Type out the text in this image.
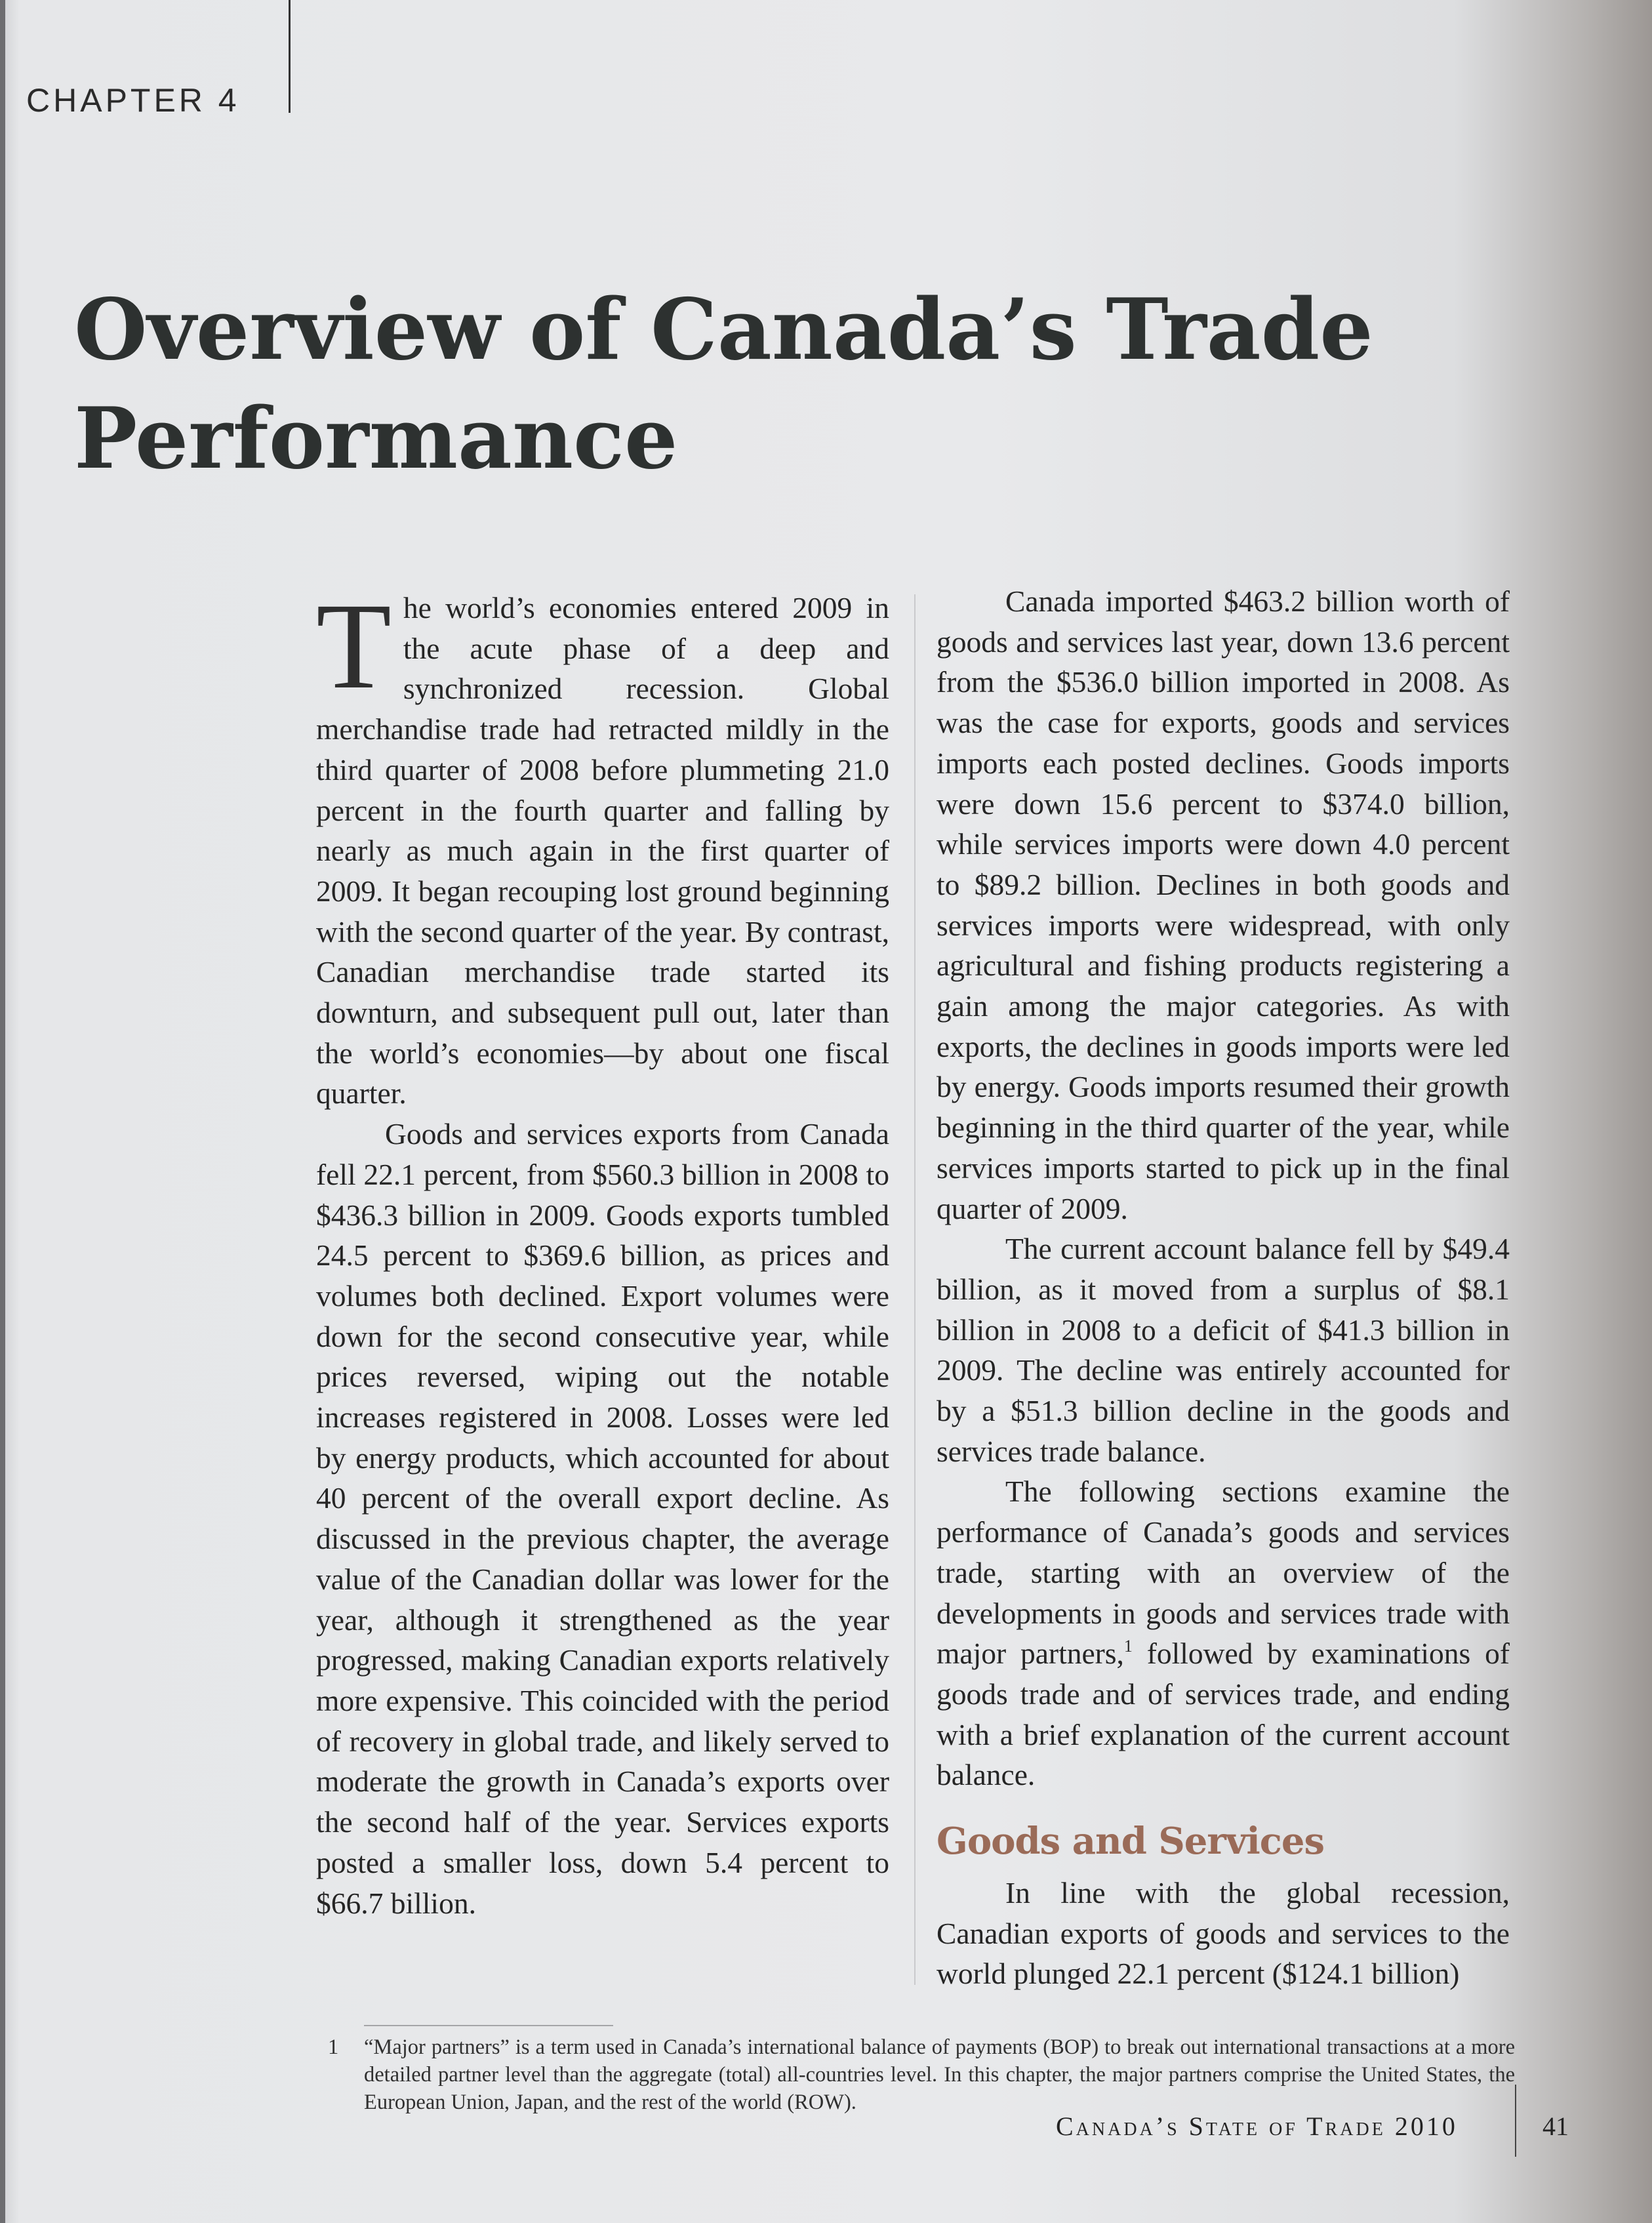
CHAPTER 4
Overview of Canada’s Trade Performance

The world’s economies entered 2009 in the acute phase of a deep and synchronized recession. Global merchandise trade had retracted mildly in the third quarter of 2008 before plummeting 21.0 percent in the fourth quarter and falling by nearly as much again in the first quarter of 2009. It began recouping lost ground beginning with the second quarter of the year. By contrast, Canadian merchandise trade started its downturn, and subsequent pull out, later than the world’s economies—by about one fiscal quarter.

Goods and services exports from Canada fell 22.1 percent, from $560.3 billion in 2008 to $436.3 billion in 2009. Goods exports tumbled 24.5 percent to $369.6 billion, as prices and volumes both declined. Export volumes were down for the second consecutive year, while prices reversed, wiping out the notable increases registered in 2008. Losses were led by energy products, which accounted for about 40 percent of the overall export decline. As discussed in the previous chapter, the average value of the Canadian dollar was lower for the year, although it strengthened as the year progressed, making Canadian exports relatively more expensive. This coincided with the period of recovery in global trade, and likely served to moderate the growth in Canada’s exports over the second half of the year. Services exports posted a smaller loss, down 5.4 percent to $66.7 billion.

Canada imported $463.2 billion worth of goods and services last year, down 13.6 percent from the $536.0 billion imported in 2008. As was the case for exports, goods and services imports each posted declines. Goods imports were down 15.6 percent to $374.0 billion, while services imports were down 4.0 percent to $89.2 billion. Declines in both goods and services imports were widespread, with only agricultural and fishing products registering a gain among the major categories. As with exports, the declines in goods imports were led by energy. Goods imports resumed their growth beginning in the third quarter of the year, while services imports started to pick up in the final quarter of 2009.

The current account balance fell by $49.4 billion, as it moved from a surplus of $8.1 billion in 2008 to a deficit of $41.3 billion in 2009. The decline was entirely accounted for by a $51.3 billion decline in the goods and services trade balance.

The following sections examine the performance of Canada’s goods and services trade, starting with an overview of the developments in goods and services trade with major partners,$^1$ followed by examinations of goods trade and of services trade, and ending with a brief explanation of the current account balance.

Goods and Services

In line with the global recession, Canadian exports of goods and services to the world plunged 22.1 percent ($124.1 billion)

1 “Major partners” is a term used in Canada’s international balance of payments (BOP) to break out international transactions at a more detailed partner level than the aggregate (total) all-countries level. In this chapter, the major partners comprise the United States, the European Union, Japan, and the rest of the world (ROW).
Canada’s State of Trade 2010	41
